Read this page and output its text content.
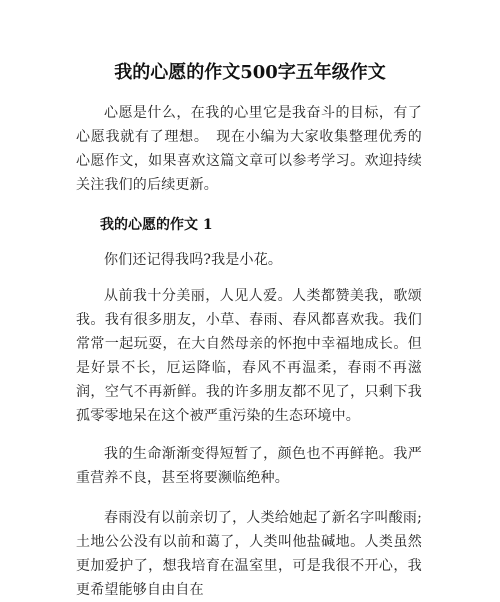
我的心愿的作文500字五年级作文

心愿是什么，在我的心里它是我奋斗的目标，有了心愿我就有了理想。　现在小编为大家收集整理优秀的心愿作文，如果喜欢这篇文章可以参考学习。欢迎持续关注我们的后续更新。

我的心愿的作文 1

你们还记得我吗?我是小花。

从前我十分美丽，人见人爱。人类都赞美我，歌颂我。我有很多朋友，小草、春雨、春风都喜欢我。我们常常一起玩耍，在大自然母亲的怀抱中幸福地成长。但是好景不长，厄运降临，春风不再温柔，春雨不再滋润，空气不再新鲜。我的许多朋友都不见了，只剩下我孤零零地呆在这个被严重污染的生态环境中。

我的生命渐渐变得短暂了，颜色也不再鲜艳。我严重营养不良，甚至将要濒临绝种。

春雨没有以前亲切了，人类给她起了新名字叫酸雨;土地公公没有以前和蔼了，人类叫他盐碱地。人类虽然更加爱护了，想我培育在温室里，可是我很不开心，我更希望能够自由自在
